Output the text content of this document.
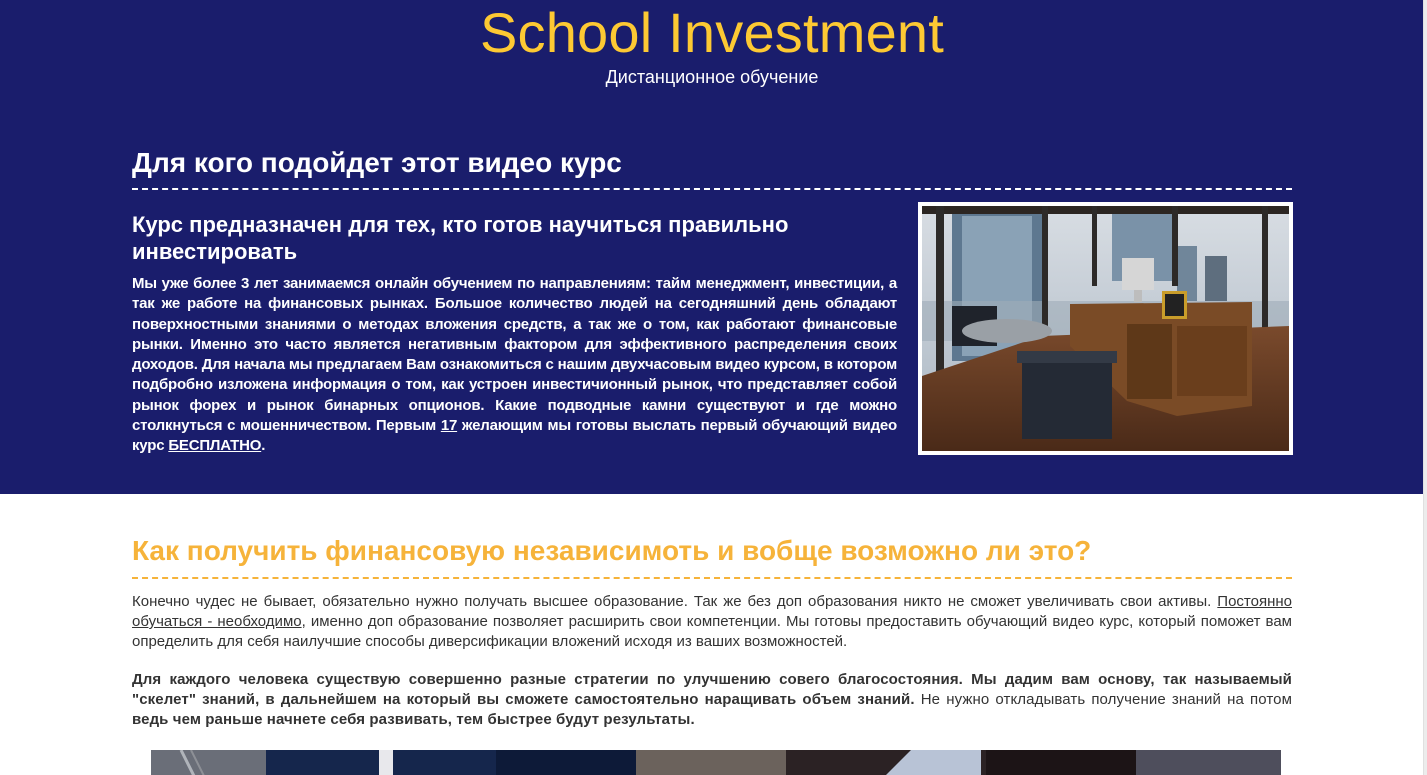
School Investment
Дистанционное обучение
Для кого подойдет этот видео курс
Курс предназначен для тех, кто готов научиться правильно инвестировать

Мы уже более 3 лет занимаемся онлайн обучением по направлениям: тайм менеджмент, инвестиции, а так же работе на финансовых рынках. Большое количество людей на сегодняшний день обладают поверхностными знаниями о методах вложения средств, а так же о том, как работают финансовые рынки. Именно это часто является негативным фактором для эффективного распределения своих доходов. Для начала мы предлагаем Вам ознакомиться с нашим двухчасовым видео курсом, в котором подбробно изложена информация о том, как устроен инвестичионный рынок, что представляет собой рынок форех и рынок бинарных опционов. Какие подводные камни существуют и где можно столкнуться с мошенничеством. Первым 17 желающим мы готовы выслать первый обучающий видео курс БЕСПЛАТНО.

Как получить финансовую независимоть и вобще возможно ли это?

Конечно чудес не бывает, обязательно нужно получать высшее образование. Так же без доп образования никто не сможет увеличивать свои активы. Постоянно обучаться - необходимо, именно доп образование позволяет расширить свои компетенции. Мы готовы предоставить обучающий видео курс, который поможет вам определить для себя наилучшие способы диверсификации вложений исходя из ваших возможностей.

Для каждого человека существую совершенно разные стратегии по улучшению совего благосостояния. Мы дадим вам основу, так называемый "скелет" знаний, в дальнейшем на который вы сможете самостоятельно наращивать объем знаний. Не нужно откладывать получение знаний на потом ведь чем раньше начнете себя развивать, тем быстрее будут результаты.
